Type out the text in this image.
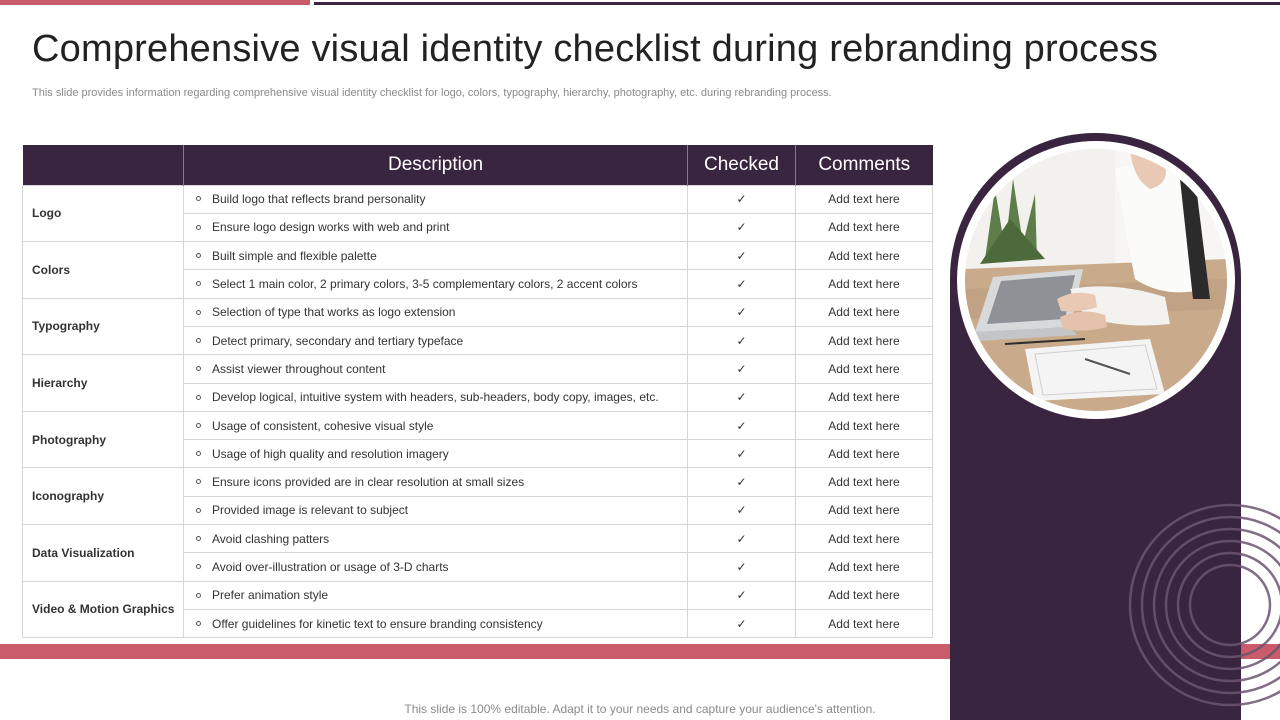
Comprehensive visual identity checklist during rebranding process

This slide provides information regarding comprehensive visual identity checklist for logo, colors, typography, hierarchy, photography, etc. during rebranding process.

	Description	Checked	Comments
Logo	Build logo that reflects brand personality	✓	Add text here
	Ensure logo design works with web and print	✓	Add text here
Colors	Built simple and flexible palette	✓	Add text here
	Select 1 main color, 2 primary colors, 3-5 complementary colors, 2 accent colors	✓	Add text here
Typography	Selection of type that works as logo extension	✓	Add text here
	Detect primary, secondary and tertiary typeface	✓	Add text here
Hierarchy	Assist viewer throughout content	✓	Add text here
	Develop logical, intuitive system with headers, sub-headers, body copy, images, etc.	✓	Add text here
Photography	Usage of consistent, cohesive visual style	✓	Add text here
	Usage of high quality and resolution imagery	✓	Add text here
Iconography	Ensure icons provided are in clear resolution at small sizes	✓	Add text here
	Provided image is relevant to subject	✓	Add text here
Data Visualization	Avoid clashing patters	✓	Add text here
	Avoid over-illustration or usage of 3-D charts	✓	Add text here
Video & Motion Graphics	Prefer animation style	✓	Add text here
	Offer guidelines for kinetic text to ensure branding consistency	✓	Add text here
This slide is 100% editable. Adapt it to your needs and capture your audience's attention.
